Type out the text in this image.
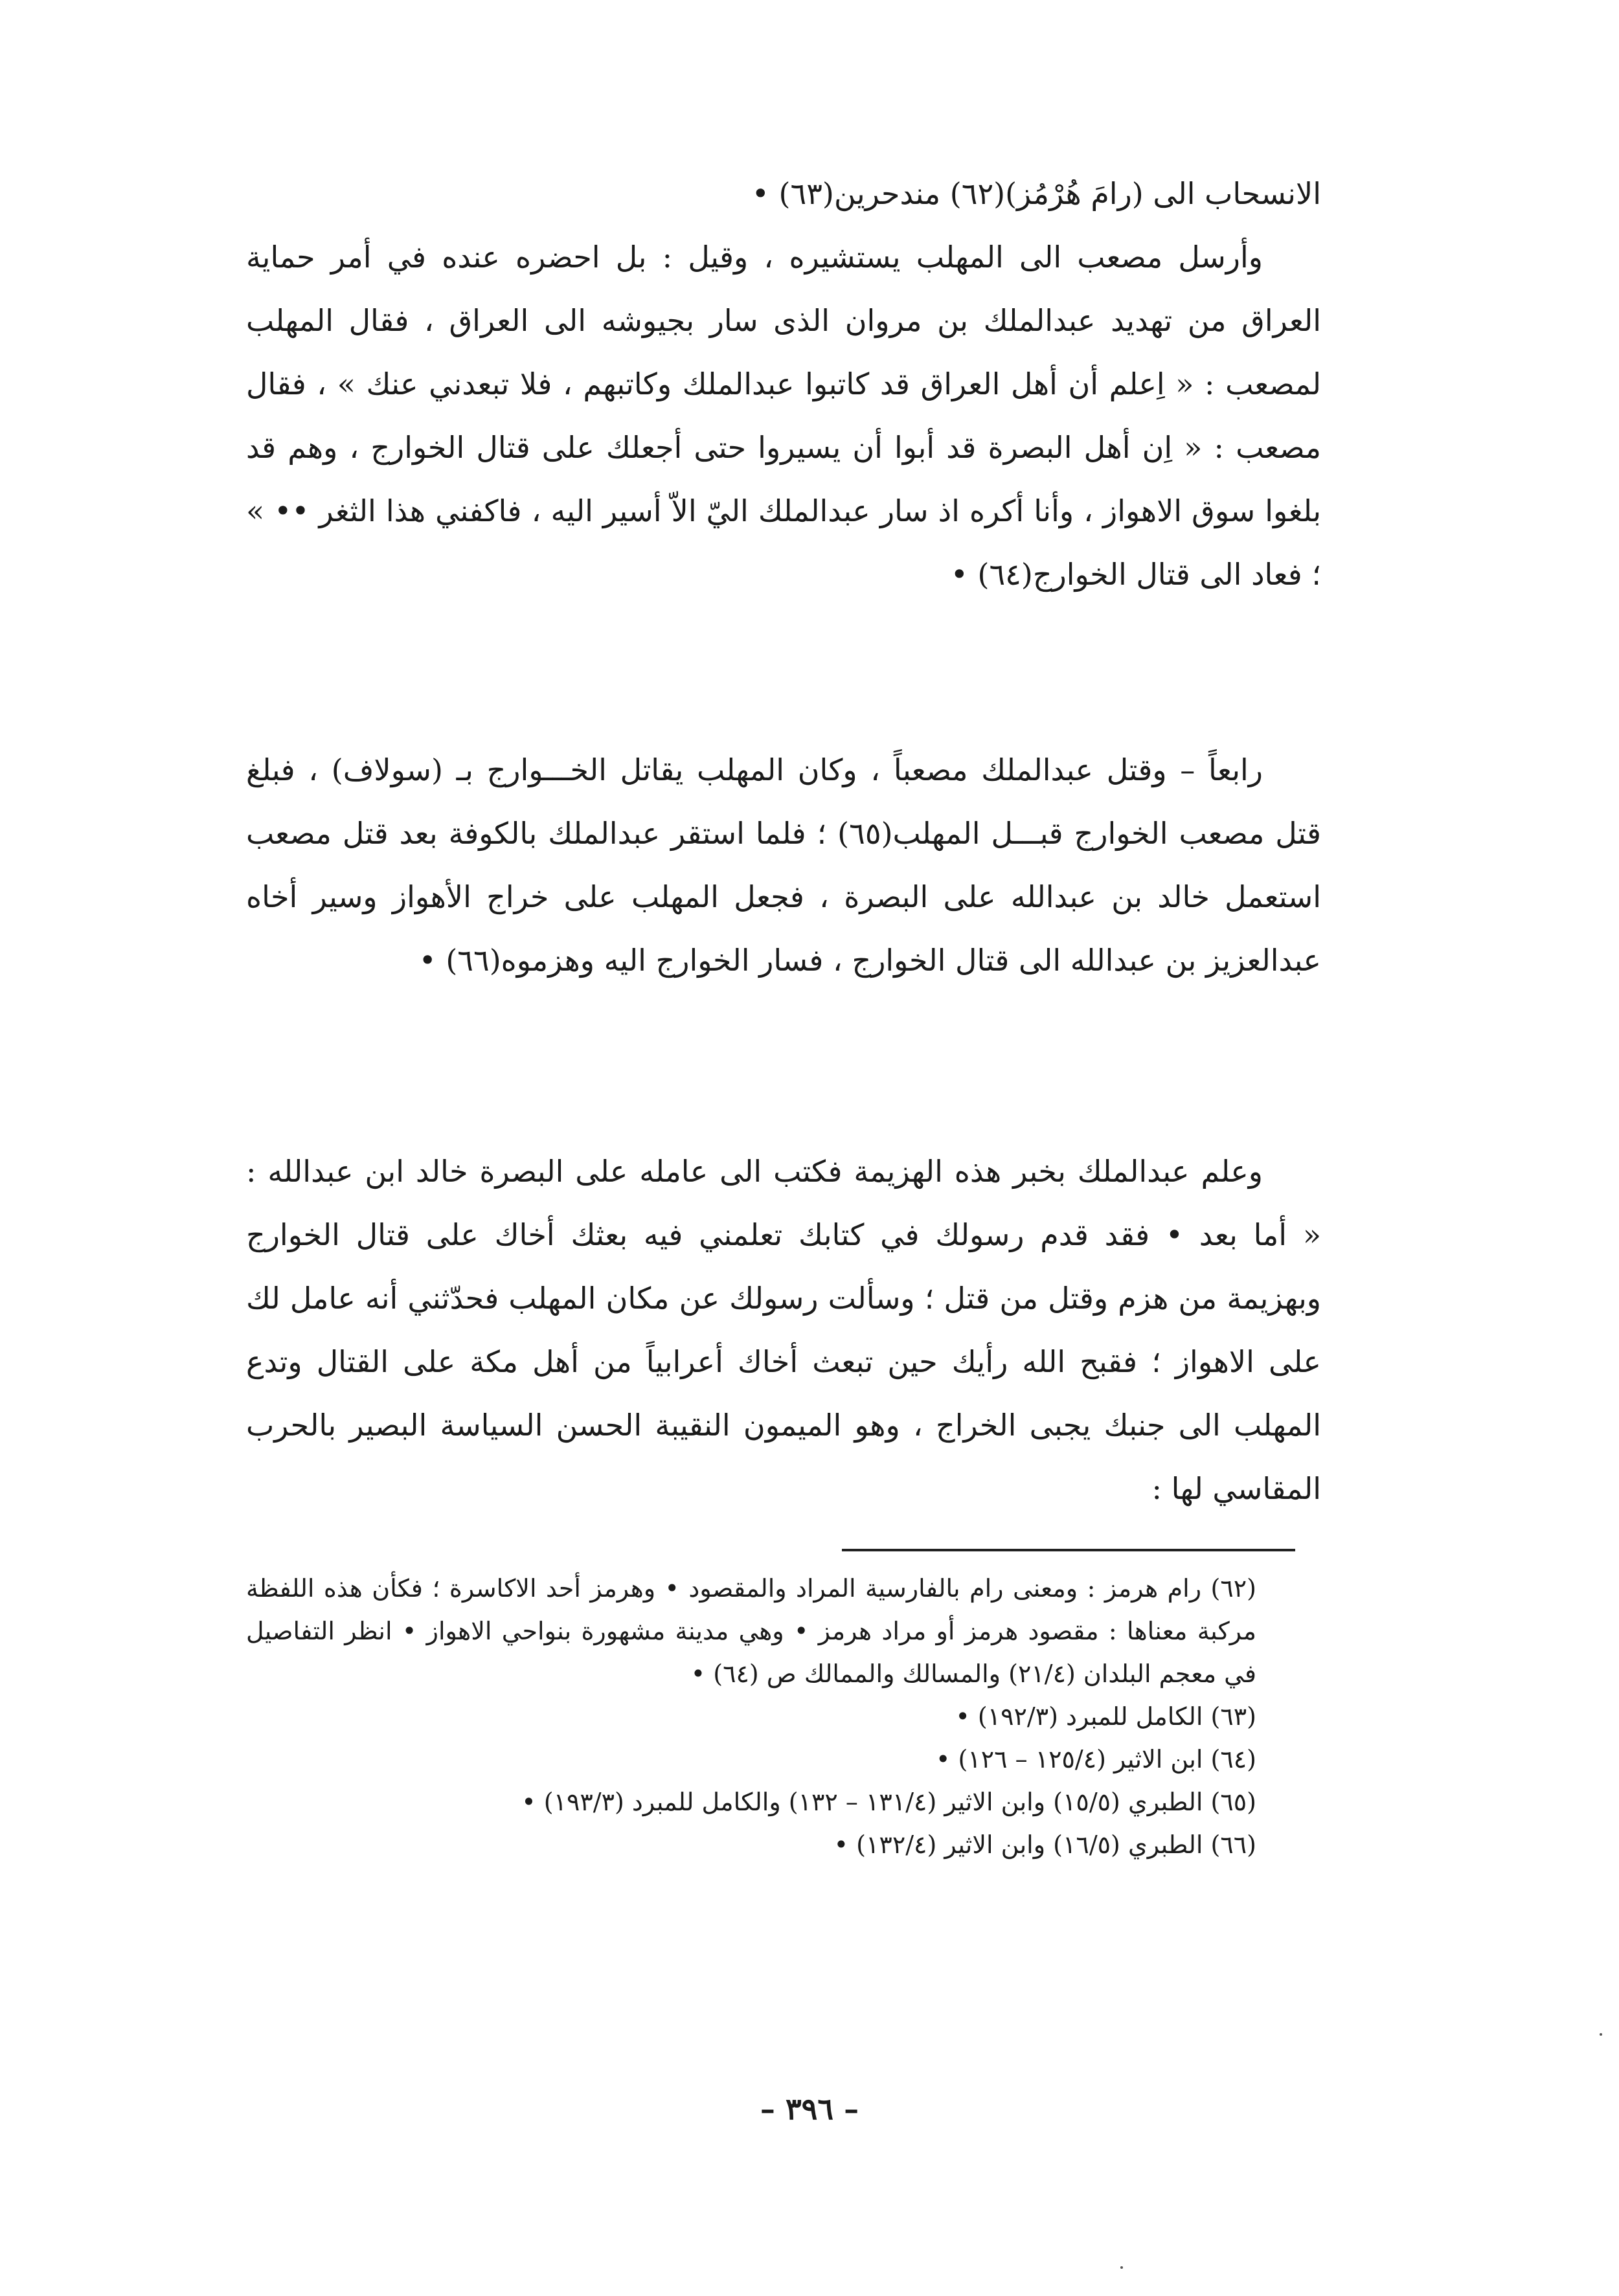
الانسحاب الى (رامَ هُرْمُز)(٦٢) مندحرين(٦٣) •

وأرسل مصعب الى المهلب يستشيره ، وقيل : بل احضره عنده في أمر حماية العراق من تهديد عبدالملك بن مروان الذى سار بجيوشه الى العراق ، فقال المهلب لمصعب : « اِعلم أن أهل العراق قد كاتبوا عبدالملك وكاتبهم ، فلا تبعدني عنك » ، فقال مصعب : « اِن أهل البصرة قد أبوا أن يسيروا حتى أجعلك على قتال الخوارج ، وهم قد بلغوا سوق الاهواز ، وأنا أكره اذ سار عبدالملك اليّ الاّ أسير اليه ، فاكفني هذا الثغر •• » ؛ فعاد الى قتال الخوارج(٦٤) •

رابعاً – وقتل عبدالملك مصعباً ، وكان المهلب يقاتل الخـــوارج بـ (سولاف) ، فبلغ قتل مصعب الخوارج قبـــل المهلب(٦٥) ؛ فلما استقر عبدالملك بالكوفة بعد قتل مصعب استعمل خالد بن عبدالله على البصرة ، فجعل المهلب على خراج الأهواز وسير أخاه عبدالعزيز بن عبدالله الى قتال الخوارج ، فسار الخوارج اليه وهزموه(٦٦) •

وعلم عبدالملك بخبر هذه الهزيمة فكتب الى عامله على البصرة خالد ابن عبدالله : « أما بعد • فقد قدم رسولك في كتابك تعلمني فيه بعثك أخاك على قتال الخوارج وبهزيمة من هزم وقتل من قتل ؛ وسألت رسولك عن مكان المهلب فحدّثني أنه عامل لك على الاهواز ؛ فقبح الله رأيك حين تبعث أخاك أعرابياً من أهل مكة على القتال وتدع المهلب الى جنبك يجبى الخراج ، وهو الميمون النقيبة الحسن السياسة البصير بالحرب المقاسي لها :

(٦٢) رام هرمز : ومعنى رام بالفارسية المراد والمقصود • وهرمز أحد الاكاسرة ؛ فكأن هذه اللفظة مركبة معناها : مقصود هرمز أو مراد هرمز • وهي مدينة مشهورة بنواحي الاهواز • انظر التفاصيل في معجم البلدان (٢١/٤) والمسالك والممالك ص (٦٤) •

(٦٣) الكامل للمبرد (١٩٢/٣) •

(٦٤) ابن الاثير (١٢٥/٤ – ١٢٦) •

(٦٥) الطبري (١٥/٥) وابن الاثير (١٣١/٤ – ١٣٢) والكامل للمبرد (١٩٣/٣) •

(٦٦) الطبري (١٦/٥) وابن الاثير (١٣٢/٤) •

– ٣٩٦ –
